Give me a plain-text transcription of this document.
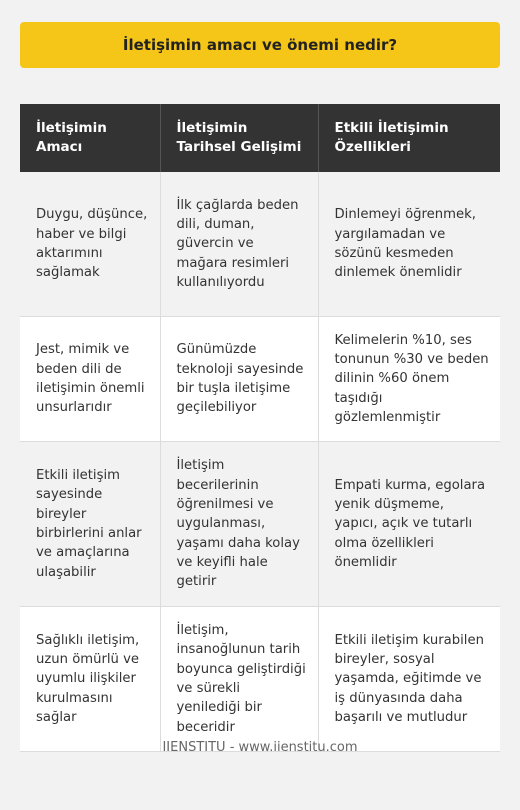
İletişimin amacı ve önemi nedir?
İletişimin Amacı	İletişimin Tarihsel Gelişimi	Etkili İletişimin Özellikleri
Duygu, düşünce, haber ve bilgi aktarımını sağlamak	İlk çağlarda beden dili, duman, güvercin ve mağara resimleri kullanılıyordu	Dinlemeyi öğrenmek, yargılamadan ve sözünü kesmeden dinlemek önemlidir
Jest, mimik ve beden dili de iletişimin önemli unsurlarıdır	Günümüzde teknoloji sayesinde bir tuşla iletişime geçilebiliyor	Kelimelerin %10, ses tonunun %30 ve beden dilinin %60 önem taşıdığı gözlemlenmiştir
Etkili iletişim sayesinde bireyler birbirlerini anlar ve amaçlarına ulaşabilir	İletişim becerilerinin öğrenilmesi ve uygulanması, yaşamı daha kolay ve keyifli hale getirir	Empati kurma, egolara yenik düşmeme, yapıcı, açık ve tutarlı olma özellikleri önemlidir
Sağlıklı iletişim, uzun ömürlü ve uyumlu ilişkiler kurulmasını sağlar	İletişim, insanoğlunun tarih boyunca geliştirdiği ve sürekli yenilediği bir beceridir	Etkili iletişim kurabilen bireyler, sosyal yaşamda, eğitimde ve iş dünyasında daha başarılı ve mutludur
IIENSTITU - www.iienstitu.com
